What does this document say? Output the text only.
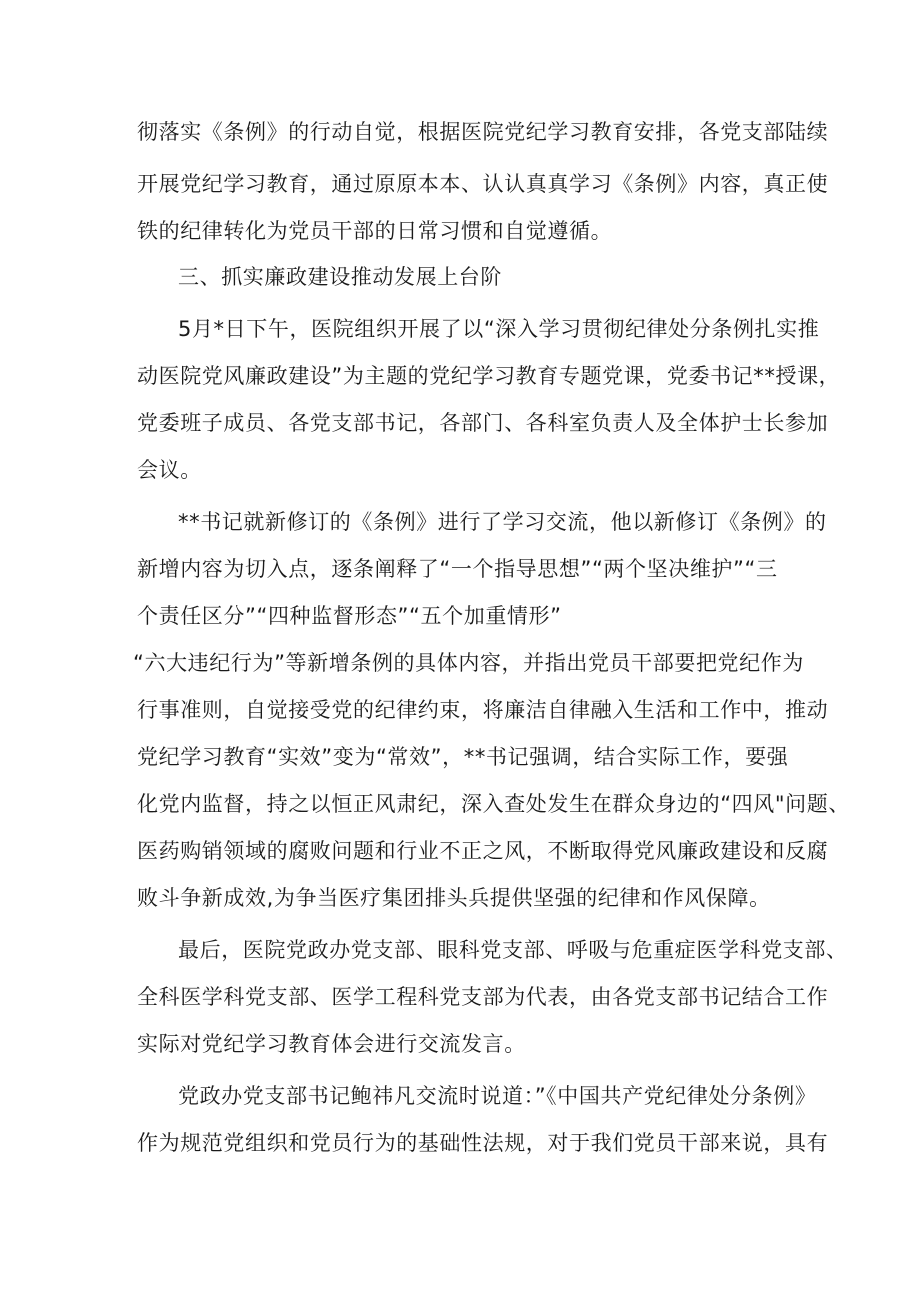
彻落实《条例》的行动自觉，根据医院党纪学习教育安排，各党支部陆续
开展党纪学习教育，通过原原本本、认认真真学习《条例》内容，真正使
铁的纪律转化为党员干部的日常习惯和自觉遵循。
三、抓实廉政建设推动发展上台阶
5月*日下午，医院组织开展了以“深入学习贯彻纪律处分条例扎实推
动医院党风廉政建设”为主题的党纪学习教育专题党课，党委书记**授课，
党委班子成员、各党支部书记，各部门、各科室负责人及全体护士长参加
会议。
**书记就新修订的《条例》进行了学习交流，他以新修订《条例》的
新增内容为切入点，逐条阐释了“一个指导思想”“两个坚决维护”“三
个责任区分”“四种监督形态”“五个加重情形”
“六大违纪行为”等新增条例的具体内容，并指出党员干部要把党纪作为
行事准则，自觉接受党的纪律约束，将廉洁自律融入生活和工作中，推动
党纪学习教育“实效”变为“常效”，**书记强调，结合实际工作，要强
化党内监督，持之以恒正风肃纪，深入查处发生在群众身边的“四风"问题、
医药购销领域的腐败问题和行业不正之风，不断取得党风廉政建设和反腐
败斗争新成效,为争当医疗集团排头兵提供坚强的纪律和作风保障。
最后，医院党政办党支部、眼科党支部、呼吸与危重症医学科党支部、
全科医学科党支部、医学工程科党支部为代表，由各党支部书记结合工作
实际对党纪学习教育体会进行交流发言。
党政办党支部书记鲍祎凡交流时说道：”《中国共产党纪律处分条例》
作为规范党组织和党员行为的基础性法规，对于我们党员干部来说，具有
